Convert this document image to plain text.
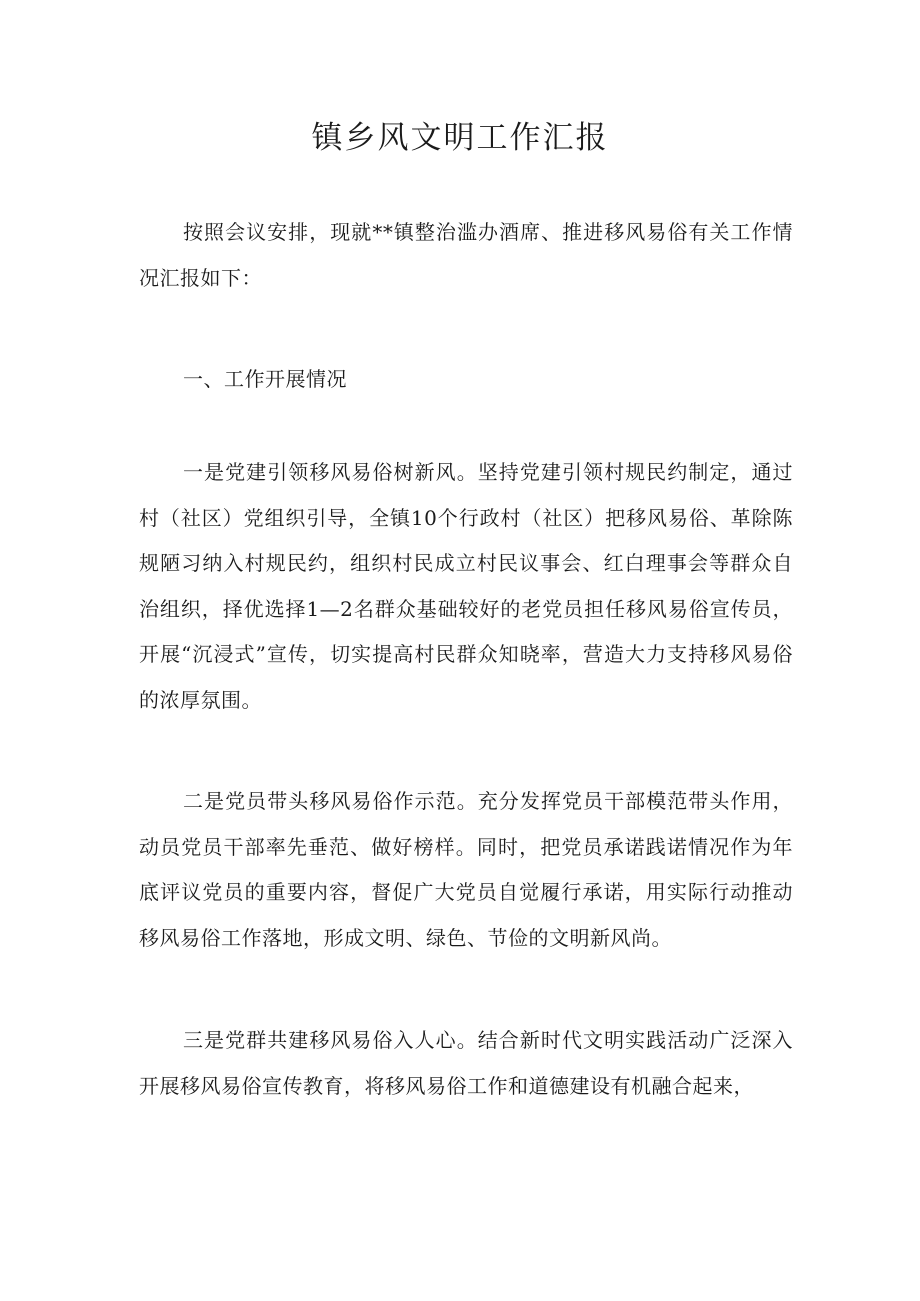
镇乡风文明工作汇报

按照会议安排，现就**镇整治滥办酒席、推进移风易俗有关工作情况汇报如下：

一、工作开展情况

一是党建引领移风易俗树新风。坚持党建引领村规民约制定，通过村（社区）党组织引导，全镇10个行政村（社区）把移风易俗、革除陈规陋习纳入村规民约，组织村民成立村民议事会、红白理事会等群众自治组织，择优选择1—2名群众基础较好的老党员担任移风易俗宣传员，开展“沉浸式”宣传，切实提高村民群众知晓率，营造大力支持移风易俗的浓厚氛围。

二是党员带头移风易俗作示范。充分发挥党员干部模范带头作用，动员党员干部率先垂范、做好榜样。同时，把党员承诺践诺情况作为年底评议党员的重要内容，督促广大党员自觉履行承诺，用实际行动推动移风易俗工作落地，形成文明、绿色、节俭的文明新风尚。

三是党群共建移风易俗入人心。结合新时代文明实践活动广泛深入开展移风易俗宣传教育，将移风易俗工作和道德建设有机融合起来，
